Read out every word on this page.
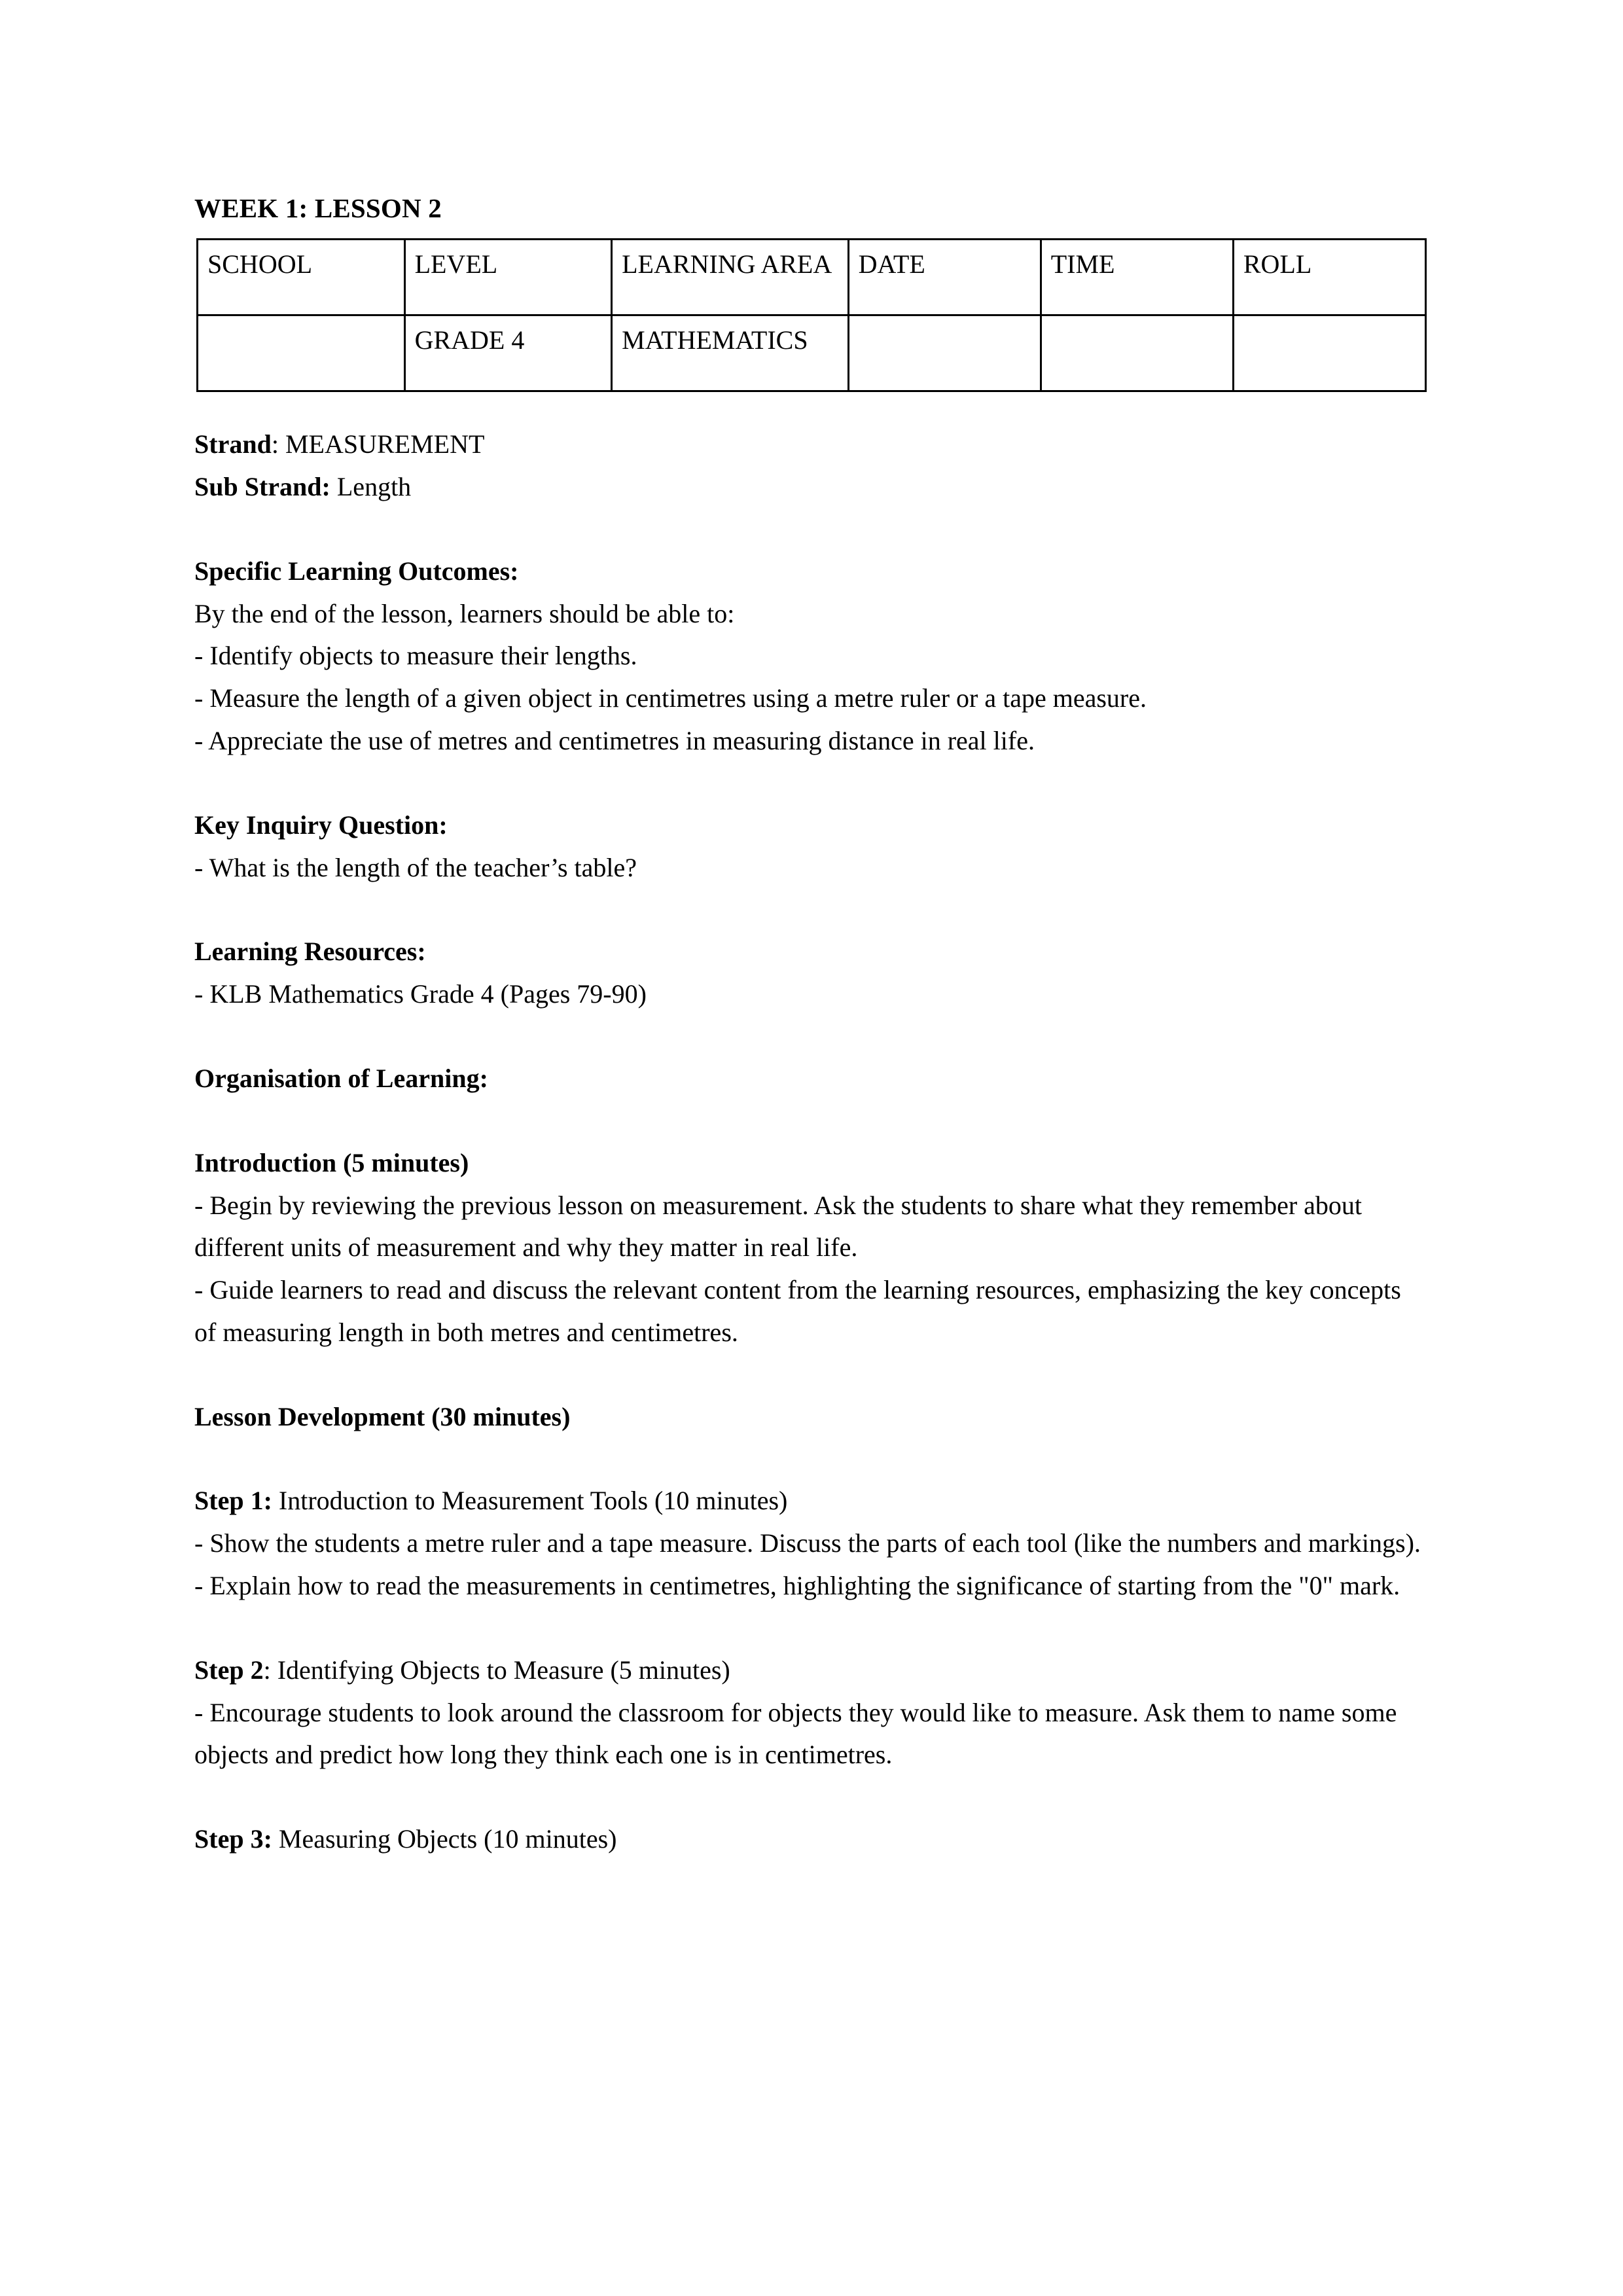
WEEK 1: LESSON 2
SCHOOL	LEVEL	LEARNING AREA	DATE	TIME	ROLL
	GRADE 4	MATHEMATICS			

Strand: MEASUREMENT

Sub Strand: Length

Specific Learning Outcomes:

By the end of the lesson, learners should be able to:

- Identify objects to measure their lengths.

- Measure the length of a given object in centimetres using a metre ruler or a tape measure.

- Appreciate the use of metres and centimetres in measuring distance in real life.

Key Inquiry Question:

- What is the length of the teacher’s table?

Learning Resources:

- KLB Mathematics Grade 4 (Pages 79-90)

Organisation of Learning:

Introduction (5 minutes)

- Begin by reviewing the previous lesson on measurement. Ask the students to share what they remember about different units of measurement and why they matter in real life.

- Guide learners to read and discuss the relevant content from the learning resources, emphasizing the key concepts of measuring length in both metres and centimetres.

Lesson Development (30 minutes)

Step 1: Introduction to Measurement Tools (10 minutes)

- Show the students a metre ruler and a tape measure. Discuss the parts of each tool (like the numbers and markings).

- Explain how to read the measurements in centimetres, highlighting the significance of starting from the "0" mark.

Step 2: Identifying Objects to Measure (5 minutes)

- Encourage students to look around the classroom for objects they would like to measure. Ask them to name some objects and predict how long they think each one is in centimetres.

Step 3: Measuring Objects (10 minutes)
